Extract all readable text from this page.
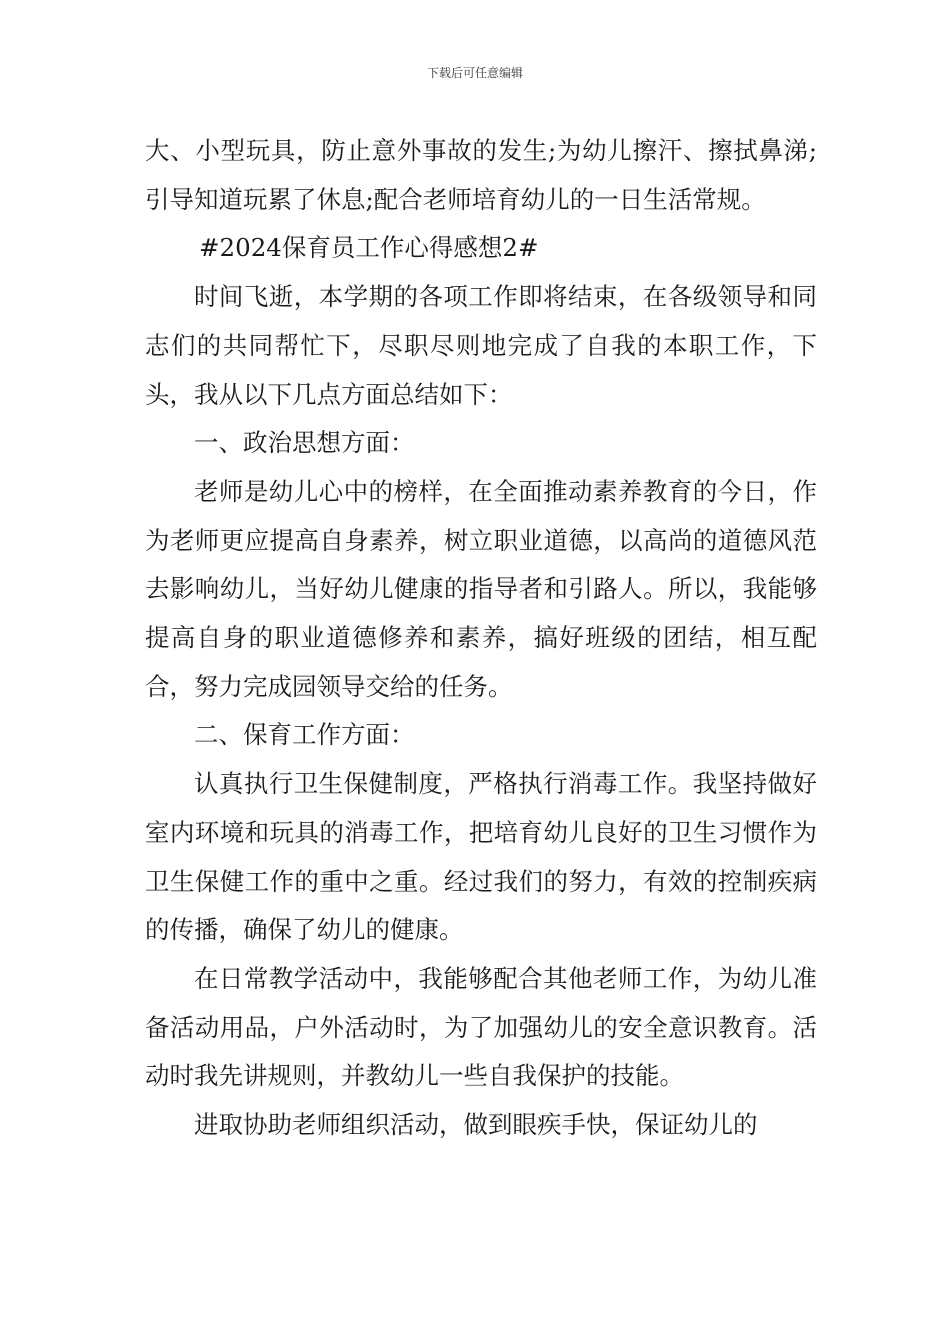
下载后可任意编辑

大、小型玩具，防止意外事故的发生;为幼儿擦汗、擦拭鼻涕;引导知道玩累了休息;配合老师培育幼儿的一日生活常规。

#2024保育员工作心得感想2#

时间飞逝，本学期的各项工作即将结束，在各级领导和同志们的共同帮忙下，尽职尽则地完成了自我的本职工作，下头，我从以下几点方面总结如下：

一、政治思想方面：

老师是幼儿心中的榜样，在全面推动素养教育的今日，作为老师更应提高自身素养，树立职业道德，以高尚的道德风范去影响幼儿，当好幼儿健康的指导者和引路人。所以，我能够提高自身的职业道德修养和素养，搞好班级的团结，相互配合，努力完成园领导交给的任务。

二、保育工作方面：

认真执行卫生保健制度，严格执行消毒工作。我坚持做好室内环境和玩具的消毒工作，把培育幼儿良好的卫生习惯作为卫生保健工作的重中之重。经过我们的努力，有效的控制疾病的传播，确保了幼儿的健康。

在日常教学活动中，我能够配合其他老师工作，为幼儿准备活动用品，户外活动时，为了加强幼儿的安全意识教育。活动时我先讲规则，并教幼儿一些自我保护的技能。

进取协助老师组织活动，做到眼疾手快，保证幼儿的
